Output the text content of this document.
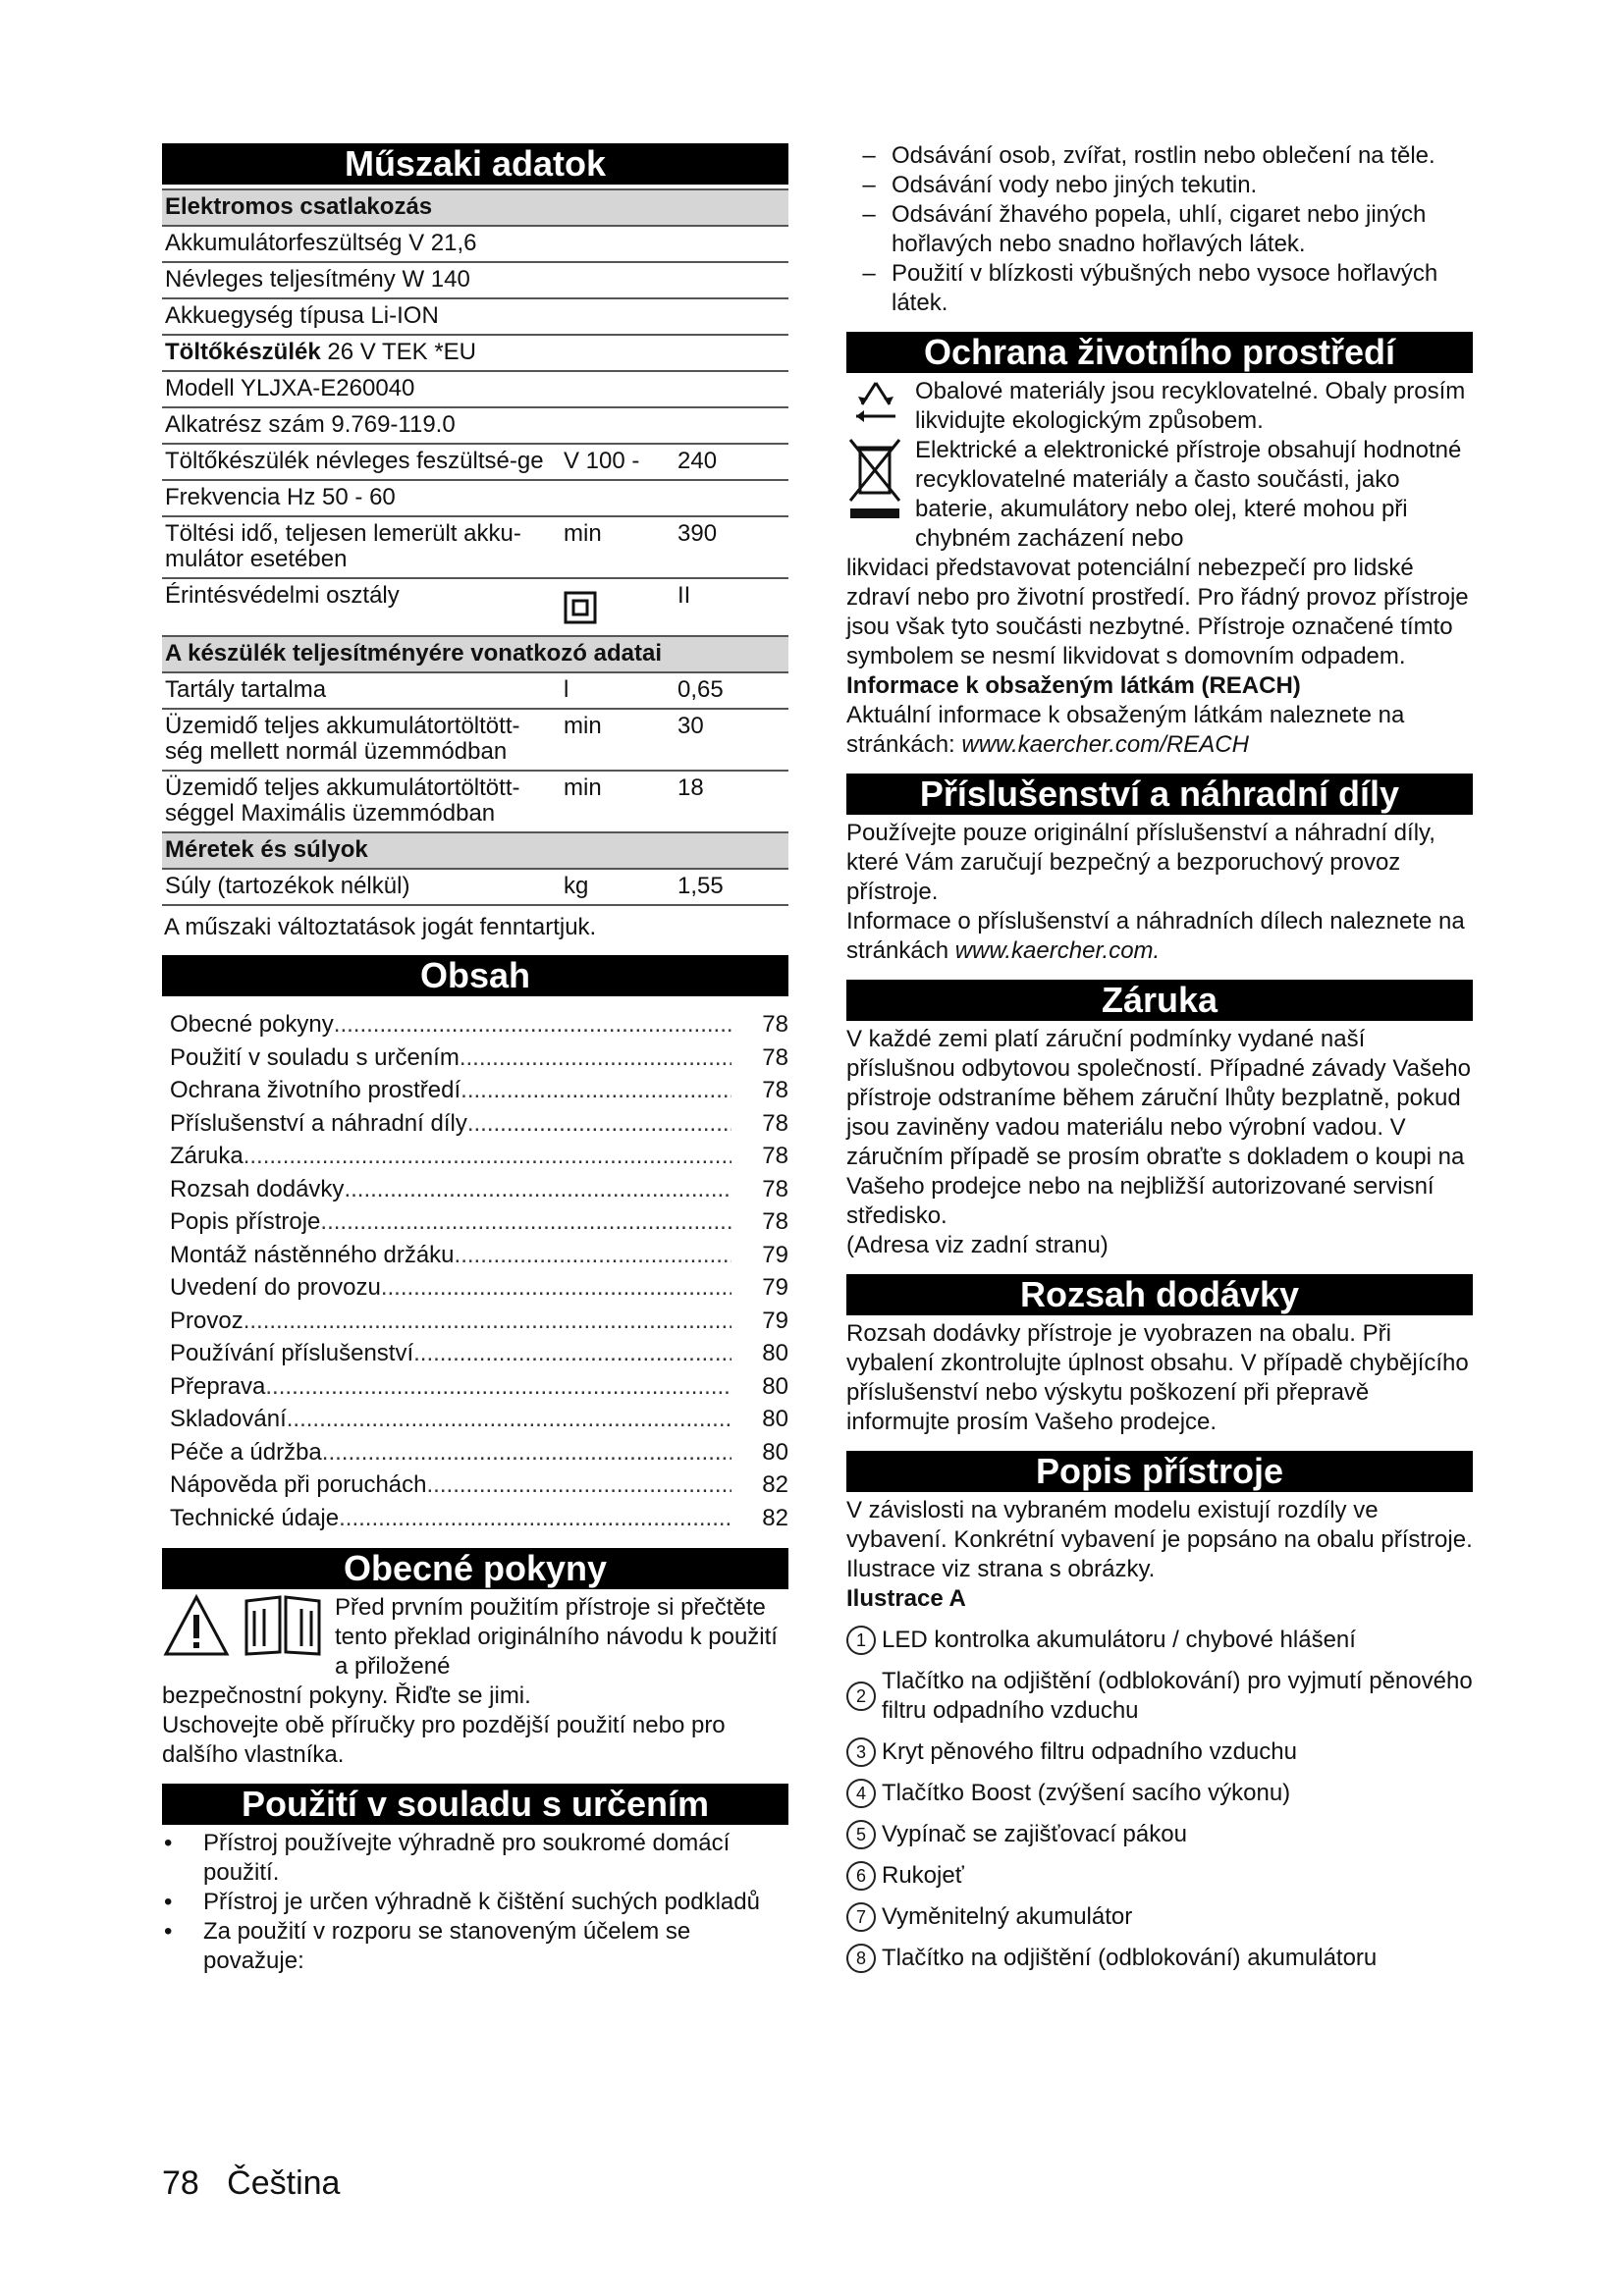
Műszaki adatok
Elektromos csatlakozás		
Akkumulátorfeszültség V 21,6		
Névleges teljesítmény W 140		
Akkuegység típusa Li-ION		
Töltőkészülék 26 V TEK *EU		
Modell YLJXA-E260040		
Alkatrész szám 9.769-119.0		
Töltőkészülék névleges feszültsé-ge	V 100 -	240
Frekvencia Hz 50 - 60		
Töltési idő, teljesen lemerült akku-mulátor esetében	min	390
Érintésvédelmi osztály		II
A készülék teljesítményére vonatkozó adatai		
Tartály tartalma	l	0,65
Üzemidő teljes akkumulátortöltött-ség mellett normál üzemmódban	min	30
Üzemidő teljes akkumulátortöltött-séggel Maximális üzemmódban	min	18
Méretek és súlyok		
Súly (tartozékok nélkül)	kg	1,55
A műszaki változtatások jogát fenntartjuk.
Obsah
Obecné pokyny .....	78
Použití v souladu s určením .....	78
Ochrana životního prostředí .....	78
Příslušenství a náhradní díly .....	78
Záruka .....	78
Rozsah dodávky .....	78
Popis přístroje .....	78
Montáž nástěnného držáku .....	79
Uvedení do provozu .....	79
Provoz .....	79
Používání příslušenství .....	80
Přeprava .....	80
Skladování .....	80
Péče a údržba .....	80
Nápověda při poruchách .....	82
Technické údaje .....	82
Obecné pokyny

Před prvním použitím přístroje si přečtěte tento překlad originálního návodu k použití a přiložené

bezpečnostní pokyny. Řiďte se jimi.

Uschovejte obě příručky pro pozdější použití nebo pro dalšího vlastníka.

Použití v souladu s určením
•	Přístroj používejte výhradně pro soukromé domácí použití.
•	Přístroj je určen výhradně k čištění suchých podkladů
•	Za použití v rozporu se stanoveným účelem se považuje:
– Odsávání osob, zvířat, rostlin nebo oblečení na těle.
– Odsávání vody nebo jiných tekutin.
– Odsávání žhavého popela, uhlí, cigaret nebo jiných hořlavých nebo snadno hořlavých látek.
– Použití v blízkosti výbušných nebo vysoce hořlavých látek.
Ochrana životního prostředí

Obalové materiály jsou recyklovatelné. Obaly prosím likvidujte ekologickým způsobem.

Elektrické a elektronické přístroje obsahují hodnotné recyklovatelné materiály a často součásti, jako baterie, akumulátory nebo olej, které mohou při chybném zacházení nebo

likvidaci představovat potenciální nebezpečí pro lidské zdraví nebo pro životní prostředí. Pro řádný provoz přístroje jsou však tyto součásti nezbytné. Přístroje označené tímto symbolem se nesmí likvidovat s domovním odpadem.

Informace k obsaženým látkám (REACH)

Aktuální informace k obsaženým látkám naleznete na stránkách: www.kaercher.com/REACH

Příslušenství a náhradní díly

Používejte pouze originální příslušenství a náhradní díly, které Vám zaručují bezpečný a bezporuchový provoz přístroje.

Informace o příslušenství a náhradních dílech naleznete na stránkách www.kaercher.com.

Záruka

V každé zemi platí záruční podmínky vydané naší příslušnou odbytovou společností. Případné závady Vašeho přístroje odstraníme během záruční lhůty bezplatně, pokud jsou zaviněny vadou materiálu nebo výrobní vadou. V záručním případě se prosím obraťte s dokladem o koupi na Vašeho prodejce nebo na nejbližší autorizované servisní středisko.

(Adresa viz zadní stranu)

Rozsah dodávky

Rozsah dodávky přístroje je vyobrazen na obalu. Při vybalení zkontrolujte úplnost obsahu. V případě chybějícího příslušenství nebo výskytu poškození při přepravě informujte prosím Vašeho prodejce.

Popis přístroje

V závislosti na vybraném modelu existují rozdíly ve vybavení. Konkrétní vybavení je popsáno na obalu přístroje.

Ilustrace viz strana s obrázky.

Ilustrace A

1 LED kontrolka akumulátoru / chybové hlášení
2
Tlačítko na odjištění (odblokování) pro vyjmutí pěnového filtru odpadního vzduchu
3 Kryt pěnového filtru odpadního vzduchu
4 Tlačítko Boost (zvýšení sacího výkonu)
5 Vypínač se zajišťovací pákou
6 Rukojeť
7 Vyměnitelný akumulátor
8 Tlačítko na odjištění (odblokování) akumulátoru
78 Čeština
